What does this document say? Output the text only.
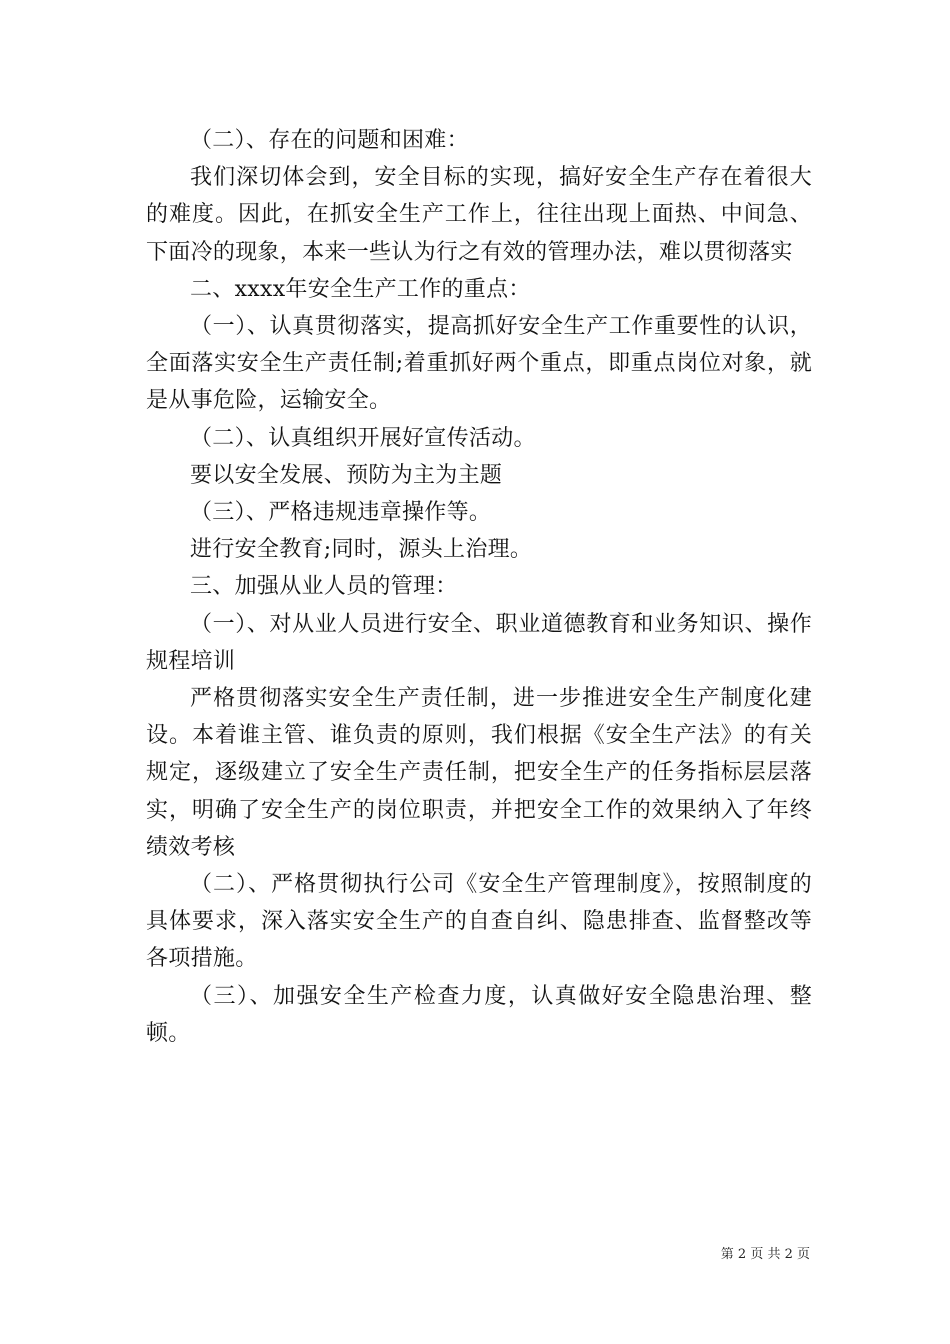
（二）、存在的问题和困难：

我们深切体会到，安全目标的实现，搞好安全生产存在着很大的难度。因此，在抓安全生产工作上，往往出现上面热、中间急、下面冷的现象，本来一些认为行之有效的管理办法，难以贯彻落实

二、xxxx年安全生产工作的重点：

（一）、认真贯彻落实，提高抓好安全生产工作重要性的认识，全面落实安全生产责任制;着重抓好两个重点，即重点岗位对象，就是从事危险，运输安全。

（二）、认真组织开展好宣传活动。

要以安全发展、预防为主为主题

（三）、严格违规违章操作等。

进行安全教育;同时，源头上治理。

三、加强从业人员的管理：

（一）、对从业人员进行安全、职业道德教育和业务知识、操作规程培训

严格贯彻落实安全生产责任制，进一步推进安全生产制度化建设。本着谁主管、谁负责的原则，我们根据《安全生产法》的有关规定，逐级建立了安全生产责任制，把安全生产的任务指标层层落实，明确了安全生产的岗位职责，并把安全工作的效果纳入了年终绩效考核

（二）、严格贯彻执行公司《安全生产管理制度》，按照制度的具体要求，深入落实安全生产的自查自纠、隐患排查、监督整改等各项措施。

（三）、加强安全生产检查力度，认真做好安全隐患治理、整顿。

第 2 页 共 2 页
